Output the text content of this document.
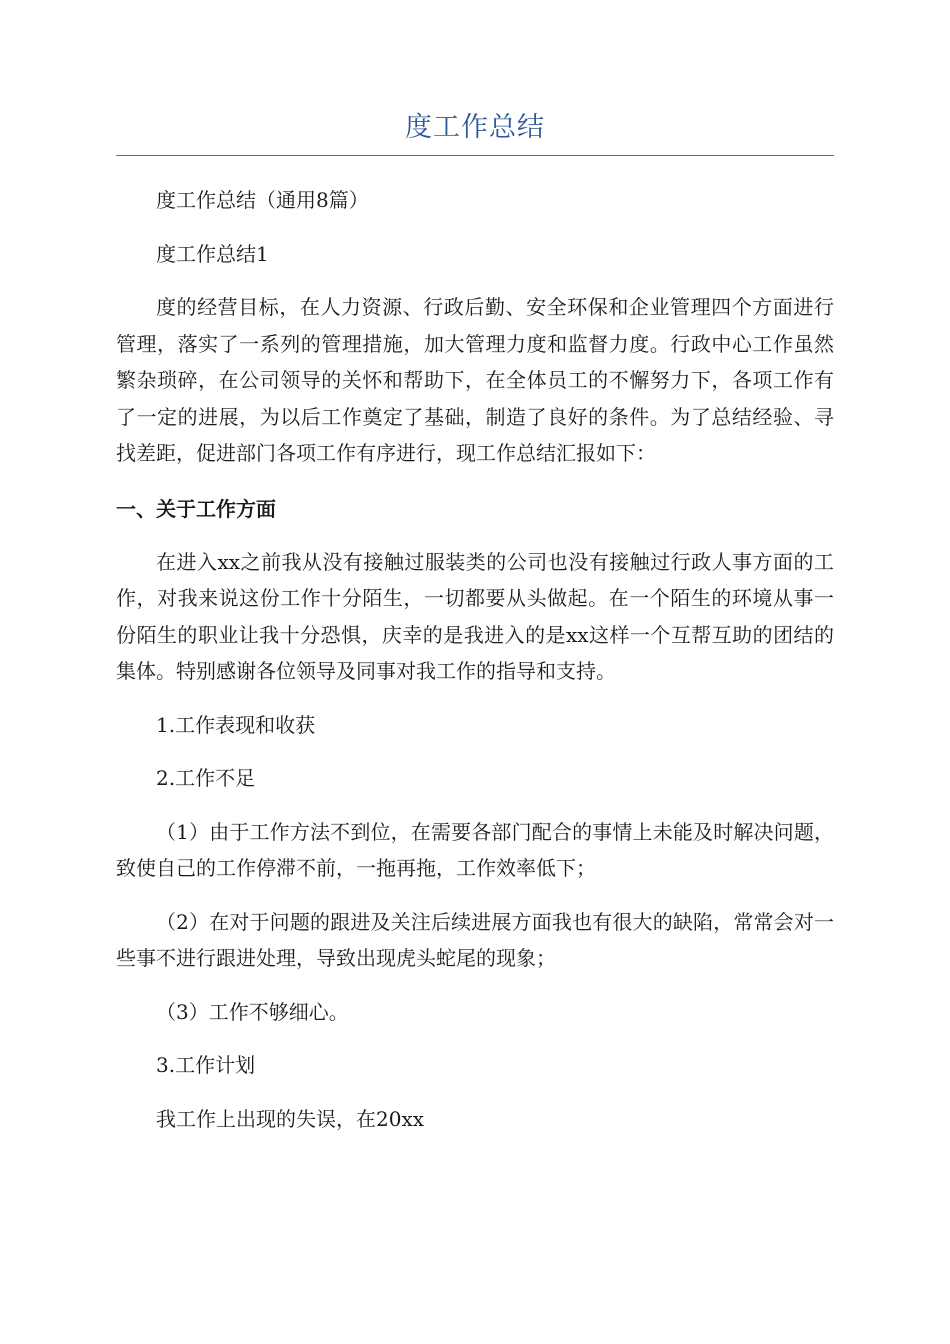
度工作总结

度工作总结（通用8篇）

度工作总结1

度的经营目标，在人力资源、行政后勤、安全环保和企业管理四个方面进行管理，落实了一系列的管理措施，加大管理力度和监督力度。行政中心工作虽然繁杂琐碎，在公司领导的关怀和帮助下，在全体员工的不懈努力下，各项工作有了一定的进展，为以后工作奠定了基础，制造了良好的条件。为了总结经验、寻找差距，促进部门各项工作有序进行，现工作总结汇报如下：

一、关于工作方面

在进入xx之前我从没有接触过服装类的公司也没有接触过行政人事方面的工作，对我来说这份工作十分陌生，一切都要从头做起。在一个陌生的环境从事一份陌生的职业让我十分恐惧，庆幸的是我进入的是xx这样一个互帮互助的团结的集体。特别感谢各位领导及同事对我工作的指导和支持。

1.工作表现和收获

2.工作不足

（1）由于工作方法不到位，在需要各部门配合的事情上未能及时解决问题，致使自己的工作停滞不前，一拖再拖，工作效率低下；

（2）在对于问题的跟进及关注后续进展方面我也有很大的缺陷，常常会对一些事不进行跟进处理，导致出现虎头蛇尾的现象；

（3）工作不够细心。

3.工作计划

我工作上出现的失误，在20xx
